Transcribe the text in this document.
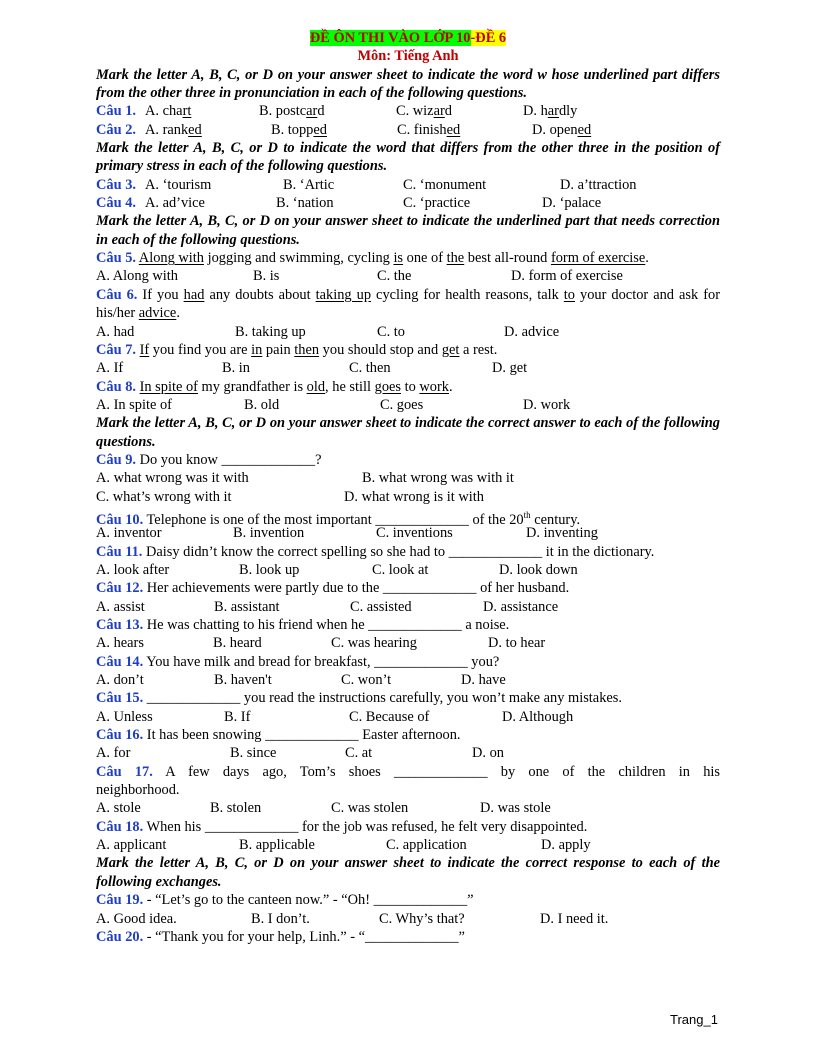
ĐỀ ÔN THI VÀO LỚP 10-ĐỀ 6
Môn: Tiếng Anh
Mark the letter A, B, C, or D on your answer sheet to indicate the word w hose underlined part differs from the other three in pronunciation in each of the following questions.
Câu 1. A. chart	B. postcard	C. wizard	D. hardly
Câu 2. A. ranked	B. topped	C. finished	D. opened
Mark the letter A, B, C, or D to indicate the word that differs from the other three in the position of primary stress in each of the following questions.
Câu 3. A. ‘tourism	B. ‘Artic	C. ‘monument	D. a’ttraction
Câu 4. A. ad’vice	B. ‘nation	C. ‘practice	D. ‘palace
Mark the letter A, B, C, or D on your answer sheet to indicate the underlined part that needs correction in each of the following questions.
Câu 5. Along with jogging and swimming, cycling is one of the best all-round form of exercise.
A. Along with	B. is	C. the	D. form of exercise
Câu 6. If you had any doubts about taking up cycling for health reasons, talk to your doctor and ask for his/her advice.
A. had	B. taking up	C. to	D. advice
Câu 7. If you find you are in pain then you should stop and get a rest.
A. If	B. in	C. then	D. get
Câu 8. In spite of my grandfather is old, he still goes to work.
A. In spite of	B. old	C. goes	D. work
Mark the letter A, B, C, or D on your answer sheet to indicate the correct answer to each of the following questions.
Câu 9. Do you know _____________?
A. what wrong was it with	B. what wrong was with it
C. what’s wrong with it	D. what wrong is it with
Câu 10. Telephone is one of the most important _____________ of the 20th century.
A. inventor	B. invention	C. inventions	D. inventing
Câu 11. Daisy didn’t know the correct spelling so she had to _____________ it in the dictionary.
A. look after	B. look up	C. look at	D. look down
Câu 12. Her achievements were partly due to the _____________ of her husband.
A. assist	B. assistant	C. assisted	D. assistance
Câu 13. He was chatting to his friend when he _____________ a noise.
A. hears	B. heard	C. was hearing	D. to hear
Câu 14. You have milk and bread for breakfast, _____________ you?
A. don’t	B. haven't	C. won’t	D. have
Câu 15. _____________ you read the instructions carefully, you won’t make any mistakes.
A. Unless	B. If	C. Because of	D. Although
Câu 16. It has been snowing _____________ Easter afternoon.
A. for	B. since	C. at	D. on
Câu 17. A few days ago, Tom’s shoes _____________ by one of the children in his neighborhood.
A. stole	B. stolen	C. was stolen	D. was stole
Câu 18. When his _____________ for the job was refused, he felt very disappointed.
A. applicant	B. applicable	C. application	D. apply
Mark the letter A, B, C, or D on your answer sheet to indicate the correct response to each of the following exchanges.
Câu 19. - “Let’s go to the canteen now.” - “Oh! _____________”
A. Good idea.	B. I don’t.	C. Why’s that?	D. I need it.
Câu 20. - “Thank you for your help, Linh.” - “_____________”
Trang_1
